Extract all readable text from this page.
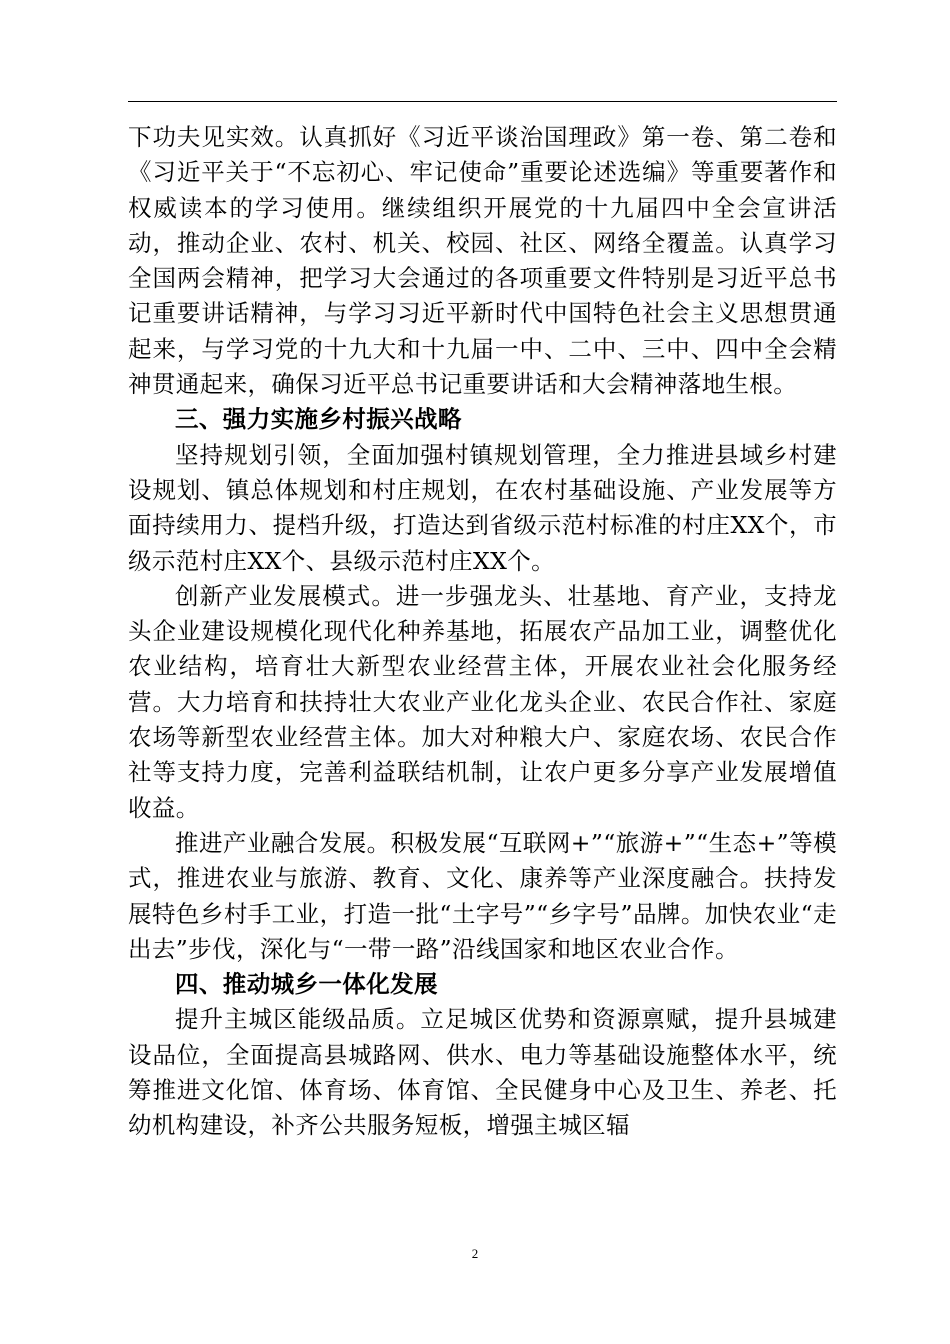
下功夫见实效。认真抓好《习近平谈治国理政》第一卷、第二卷和《习近平关于“不忘初心、牢记使命”重要论述选编》等重要著作和权威读本的学习使用。继续组织开展党的十九届四中全会宣讲活动，推动企业、农村、机关、校园、社区、网络全覆盖。认真学习全国两会精神，把学习大会通过的各项重要文件特别是习近平总书记重要讲话精神，与学习习近平新时代中国特色社会主义思想贯通起来，与学习党的十九大和十九届一中、二中、三中、四中全会精神贯通起来，确保习近平总书记重要讲话和大会精神落地生根。

三、强力实施乡村振兴战略

坚持规划引领，全面加强村镇规划管理，全力推进县域乡村建设规划、镇总体规划和村庄规划，在农村基础设施、产业发展等方面持续用力、提档升级，打造达到省级示范村标准的村庄XX个，市级示范村庄XX个、县级示范村庄XX个。

创新产业发展模式。进一步强龙头、壮基地、育产业，支持龙头企业建设规模化现代化种养基地，拓展农产品加工业，调整优化农业结构，培育壮大新型农业经营主体，开展农业社会化服务经营。大力培育和扶持壮大农业产业化龙头企业、农民合作社、家庭农场等新型农业经营主体。加大对种粮大户、家庭农场、农民合作社等支持力度，完善利益联结机制，让农户更多分享产业发展增值收益。

推进产业融合发展。积极发展“互联网+”“旅游+”“生态+”等模式，推进农业与旅游、教育、文化、康养等产业深度融合。扶持发展特色乡村手工业，打造一批“土字号”“乡字号”品牌。加快农业“走出去”步伐，深化与“一带一路”沿线国家和地区农业合作。

四、推动城乡一体化发展

提升主城区能级品质。立足城区优势和资源禀赋，提升县城建设品位，全面提高县城路网、供水、电力等基础设施整体水平，统筹推进文化馆、体育场、体育馆、全民健身中心及卫生、养老、托幼机构建设，补齐公共服务短板，增强主城区辐

2
